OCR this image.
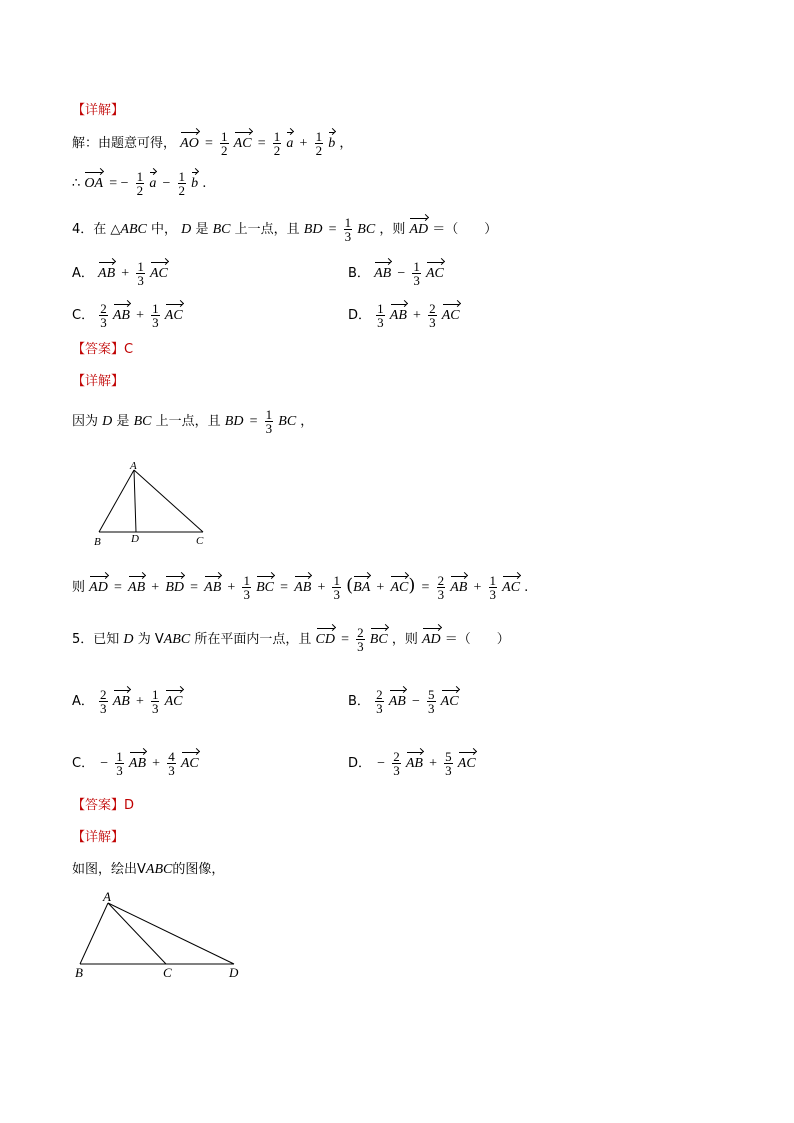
【详解】
解：由题意可得， AO = $\frac{1}{2}$ AC = $\frac{1}{2}$ $a + \frac{1}{2}$ b ，
∴ OA = − $\frac{1}{2}$ $a - \frac{1}{2}$ b .
4．在 △ABC 中， D 是 BC 上一点，且 BD = $\frac{1}{3}$ BC ，则 AD ＝（　　）
A． AB + $\frac{1}{3}$ AC	B． AB − $\frac{1}{3}$ AC
C． $\frac{2}{3}$ AB + $\frac{1}{3}$ AC	D． $\frac{1}{3}$ AB + $\frac{2}{3}$ AC
【答案】C
【详解】
因为 D 是 BC 上一点，且 BD = $\frac{1}{3}$ BC ，
A
B	D	C
则 AD = AB + BD = AB + $\frac{1}{3}$ BC = AB + $\frac{1}{3} (BA + AC) = \frac{2}{3}$ AB + $\frac{1}{3}$ AC .
5．已知 D 为 VABC 所在平面内一点，且 CD = $\frac{2}{3}$ BC ，则 AD ＝（　　）
A． $\frac{2}{3}$ AB + $\frac{1}{3}$ AC	B． $\frac{2}{3}$ AB − $\frac{5}{3}$ AC
C． − $\frac{1}{3}$ AB + $\frac{4}{3}$ AC	D． − $\frac{2}{3}$ AB + $\frac{5}{3}$ AC
【答案】D
【详解】
如图，绘出VABC的图像，
A
B	C	D
